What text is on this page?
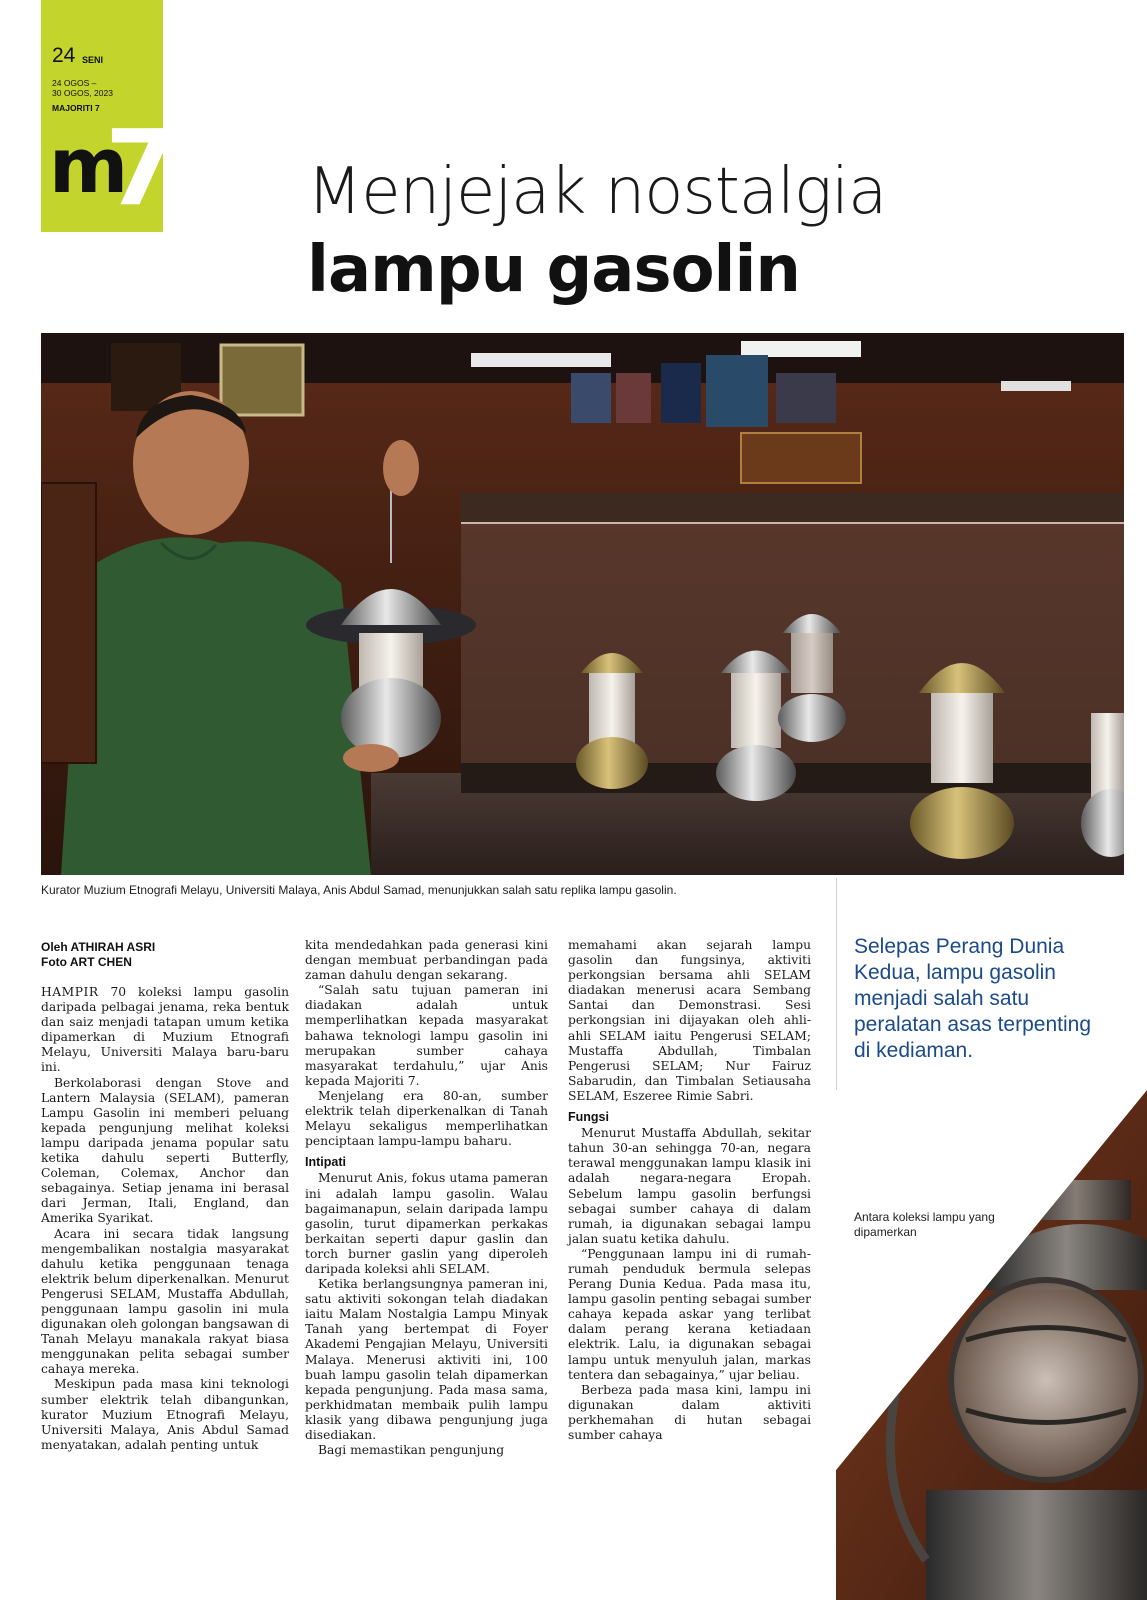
24 SENI
24 OGOS –
30 OGOS, 2023
MAJORITI 7
m
7 Menjejak nostalgia
lampu gasolin
Kurator Muzium Etnografi Melayu, Universiti Malaya, Anis Abdul Samad, menunjukkan salah satu replika lampu gasolin.
Oleh ATHIRAH ASRI
Foto ART CHEN

HAMPIR 70 koleksi lampu gasolin daripada pelbagai jenama, reka bentuk dan saiz menjadi tatapan umum ketika dipamerkan di Muzium Etnografi Melayu, Universiti Malaya baru-baru ini.

Berkolaborasi dengan Stove and Lantern Malaysia (SELAM), pameran Lampu Gasolin ini memberi peluang kepada pengunjung melihat koleksi lampu daripada jenama popular satu ketika dahulu seperti Butterfly, Coleman, Colemax, Anchor dan sebagainya. Setiap jenama ini berasal dari Jerman, Itali, England, dan Amerika Syarikat.

Acara ini secara tidak langsung mengembalikan nostalgia masyarakat dahulu ketika penggunaan tenaga elektrik belum diperkenalkan. Menurut Pengerusi SELAM, Mustaffa Abdullah, penggunaan lampu gasolin ini mula digunakan oleh golongan bangsawan di Tanah Melayu manakala rakyat biasa menggunakan pelita sebagai sumber cahaya mereka.

Meskipun pada masa kini teknologi sumber elektrik telah dibangunkan, kurator Muzium Etnografi Melayu, Universiti Malaya, Anis Abdul Samad menyatakan, adalah penting untuk

kita mendedahkan pada generasi kini dengan membuat perbandingan pada zaman dahulu dengan sekarang.

“Salah satu tujuan pameran ini diadakan adalah untuk memperlihatkan kepada masyarakat bahawa teknologi lampu gasolin ini merupakan sumber cahaya masyarakat terdahulu,” ujar Anis kepada Majoriti 7.

Menjelang era 80-an, sumber elektrik telah diperkenalkan di Tanah Melayu sekaligus memperlihatkan penciptaan lampu-lampu baharu.

Intipati

Menurut Anis, fokus utama pameran ini adalah lampu gasolin. Walau bagaimanapun, selain daripada lampu gasolin, turut dipamerkan perkakas berkaitan seperti dapur gaslin dan torch burner gaslin yang diperoleh daripada koleksi ahli SELAM.

Ketika berlangsungnya pameran ini, satu aktiviti sokongan telah diadakan iaitu Malam Nostalgia Lampu Minyak Tanah yang bertempat di Foyer Akademi Pengajian Melayu, Universiti Malaya. Menerusi aktiviti ini, 100 buah lampu gasolin telah dipamerkan kepada pengunjung. Pada masa sama, perkhidmatan membaik pulih lampu klasik yang dibawa pengunjung juga disediakan.

Bagi memastikan pengunjung

memahami akan sejarah lampu gasolin dan fungsinya, aktiviti perkongsian bersama ahli SELAM diadakan menerusi acara Sembang Santai dan Demonstrasi. Sesi perkongsian ini dijayakan oleh ahli-ahli SELAM iaitu Pengerusi SELAM; Mustaffa Abdullah, Timbalan Pengerusi SELAM; Nur Fairuz Sabarudin, dan Timbalan Setiausaha SELAM, Eszeree Rimie Sabri.

Fungsi

Menurut Mustaffa Abdullah, sekitar tahun 30-an sehingga 70-an, negara terawal menggunakan lampu klasik ini adalah negara-negara Eropah. Sebelum lampu gasolin berfungsi sebagai sumber cahaya di dalam rumah, ia digunakan sebagai lampu jalan suatu ketika dahulu.

“Penggunaan lampu ini di rumah-rumah penduduk bermula selepas Perang Dunia Kedua. Pada masa itu, lampu gasolin penting sebagai sumber cahaya kepada askar yang terlibat dalam perang kerana ketiadaan elektrik. Lalu, ia digunakan sebagai lampu untuk menyuluh jalan, markas tentera dan sebagainya,” ujar beliau.

Berbeza pada masa kini, lampu ini digunakan dalam aktiviti perkhemahan di hutan sebagai sumber cahaya

Selepas Perang Dunia Kedua, lampu gasolin menjadi salah satu peralatan asas terpenting di kediaman.
Antara koleksi lampu yang dipamerkan
